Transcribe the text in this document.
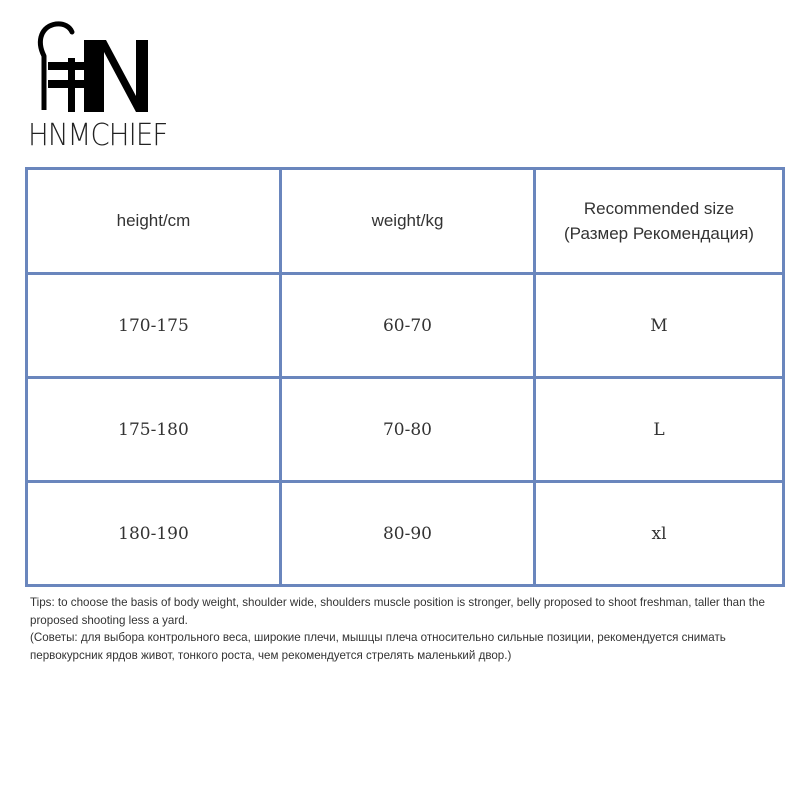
HNMCHIEF
height/cm	weight/kg	Recommended size
(Размер Рекомендация)

170-175	60-70	M
175-180	70-80	L
180-190	80-90	xl

Tips: to choose the basis of body weight, shoulder wide, shoulders muscle position is stronger, belly proposed to shoot freshman, taller than the proposed shooting less a yard.

(Советы: для выбора контрольного веса, широкие плечи, мышцы плеча относительно сильные позиции, рекомендуется снимать первокурсник ярдов живот, тонкого роста, чем рекомендуется стрелять маленький двор.)
